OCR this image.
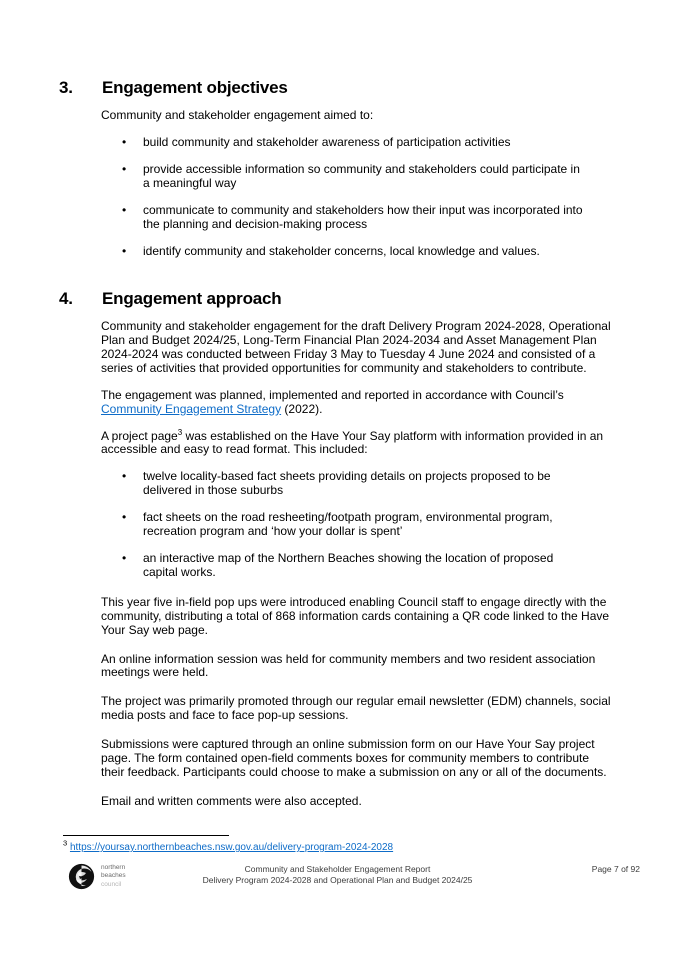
3.	Engagement objectives
Community and stakeholder engagement aimed to:
•	build community and stakeholder awareness of participation activities
•	provide accessible information so community and stakeholders could participate in a meaningful way
•	communicate to community and stakeholders how their input was incorporated into the planning and decision-making process
•	identify community and stakeholder concerns, local knowledge and values.
4.	Engagement approach
Community and stakeholder engagement for the draft Delivery Program 2024-2028, Operational Plan and Budget 2024/25, Long-Term Financial Plan 2024-2034 and Asset Management Plan 2024-2024 was conducted between Friday 3 May to Tuesday 4 June 2024 and consisted of a series of activities that provided opportunities for community and stakeholders to contribute.
The engagement was planned, implemented and reported in accordance with Council’s Community Engagement Strategy (2022).
A project page$^3$ was established on the Have Your Say platform with information provided in an accessible and easy to read format. This included:
•	twelve locality-based fact sheets providing details on projects proposed to be delivered in those suburbs
•	fact sheets on the road resheeting/footpath program, environmental program, recreation program and ‘how your dollar is spent’
•	an interactive map of the Northern Beaches showing the location of proposed capital works.
This year five in-field pop ups were introduced enabling Council staff to engage directly with the community, distributing a total of 868 information cards containing a QR code linked to the Have Your Say web page.
An online information session was held for community members and two resident association meetings were held.
The project was primarily promoted through our regular email newsletter (EDM) channels, social media posts and face to face pop-up sessions.
Submissions were captured through an online submission form on our Have Your Say project page. The form contained open-field comments boxes for community members to contribute their feedback. Participants could choose to make a submission on any or all of the documents.
Email and written comments were also accepted.
$^3$ https://yoursay.northernbeaches.nsw.gov.au/delivery-program-2024-2028
northern
beaches
council
Community and Stakeholder Engagement Report
Delivery Program 2024-2028 and Operational Plan and Budget 2024/25
Page 7 of 92
